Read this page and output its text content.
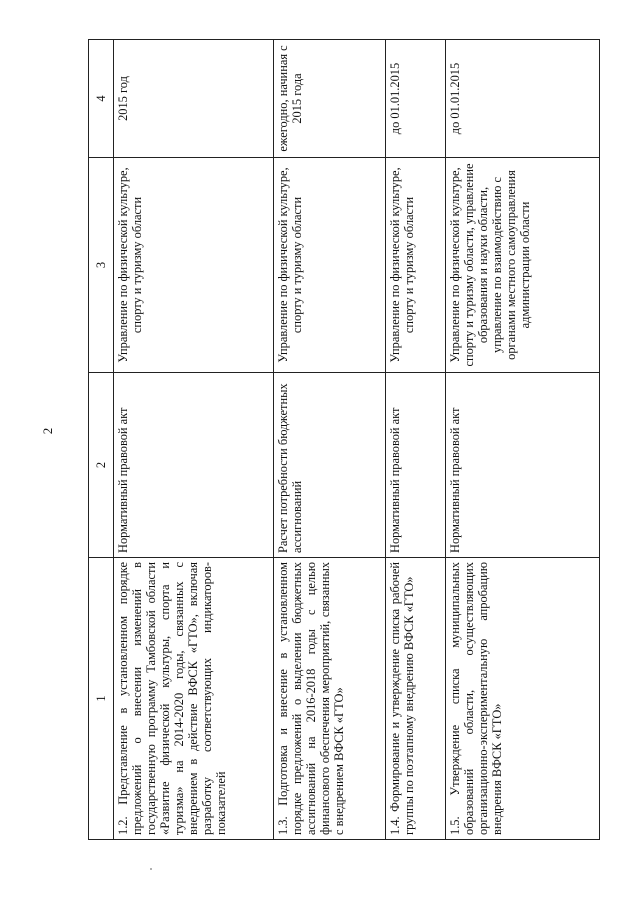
2
1	2	3	4
1.2. Представление в установленном порядке предложений о внесении изменений в государственную программу Тамбовской области «Развитие физической культуры, спорта и туризма» на 2014-2020 годы, связанных с внедрением в действие ВФСК «ГТО», включая разработку соответствующих индикаторов-показателей	Нормативный правовой акт	Управление по физической культуре, спорту и туризму области	2015 год
1.3. Подготовка и внесение в установленном порядке предложений о выделении бюджетных ассигнований на 2016-2018 годы с целью финансового обеспечения мероприятий, связанных с внедрением ВФСК «ГТО»	Расчет потребности бюджетных ассигнований	Управление по физической культуре, спорту и туризму области	ежегодно, начиная с 2015 года
1.4. Формирование и утверждение списка рабочей группы по поэтапному внедрению ВФСК «ГТО»	Нормативный правовой акт	Управление по физической культуре, спорту и туризму области	до 01.01.2015
1.5. Утверждение списка муниципальных образований области, осуществляющих организационно-экспериментальную апробацию внедрения ВФСК «ГТО»	Нормативный правовой акт	Управление по физической культуре, спорту и туризму области, управление образования и науки области, управление по взаимодействию с органами местного самоуправления администрации области	до 01.01.2015
